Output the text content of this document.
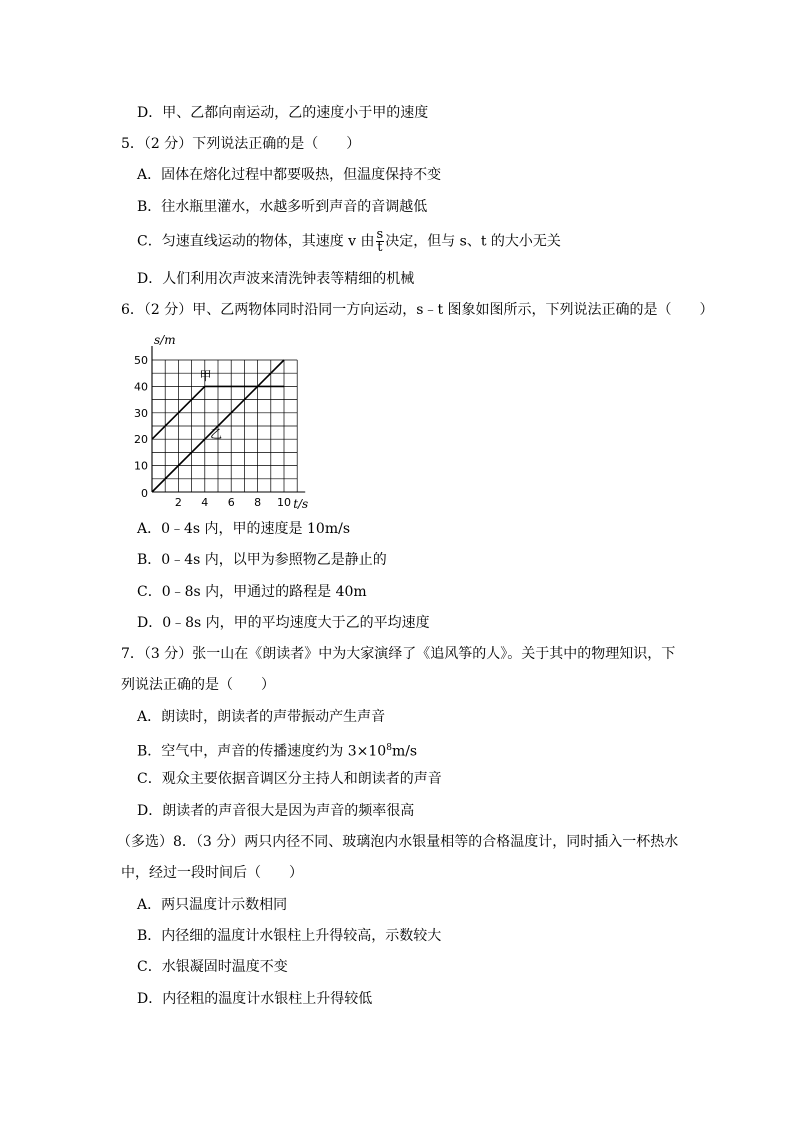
D．甲、乙都向南运动，乙的速度小于甲的速度
5．（2 分）下列说法正确的是（　　）
A．固体在熔化过程中都要吸热，但温度保持不变
B．往水瓶里灌水，水越多听到声音的音调越低
C．匀速直线运动的物体，其速度 v 由 $\frac{s}{t}$ 决定，但与 s、t 的大小无关
D．人们利用次声波来清洗钟表等精细的机械
6．（2 分）甲、乙两物体同时沿同一方向运动，s﹣t 图象如图所示，下列说法正确的是（　　）
10
20
30
40
50
2 4 6 8 10
0
s/m
t/s
甲
乙
A．0﹣4s 内，甲的速度是 10m/s
B．0﹣4s 内，以甲为参照物乙是静止的
C．0﹣8s 内，甲通过的路程是 40m
D．0﹣8s 内，甲的平均速度大于乙的平均速度
7．（3 分）张一山在《朗读者》中为大家演绎了《追风筝的人》。关于其中的物理知识，下
列说法正确的是（　　）
A．朗读时，朗读者的声带振动产生声音
B．空气中，声音的传播速度约为 $3\times 10^8m/s$
C．观众主要依据音调区分主持人和朗读者的声音
D．朗读者的声音很大是因为声音的频率很高
（多选）8．（3 分）两只内径不同、玻璃泡内水银量相等的合格温度计，同时插入一杯热水
中，经过一段时间后（　　）
A．两只温度计示数相同
B．内径细的温度计水银柱上升得较高，示数较大
C．水银凝固时温度不变
D．内径粗的温度计水银柱上升得较低
